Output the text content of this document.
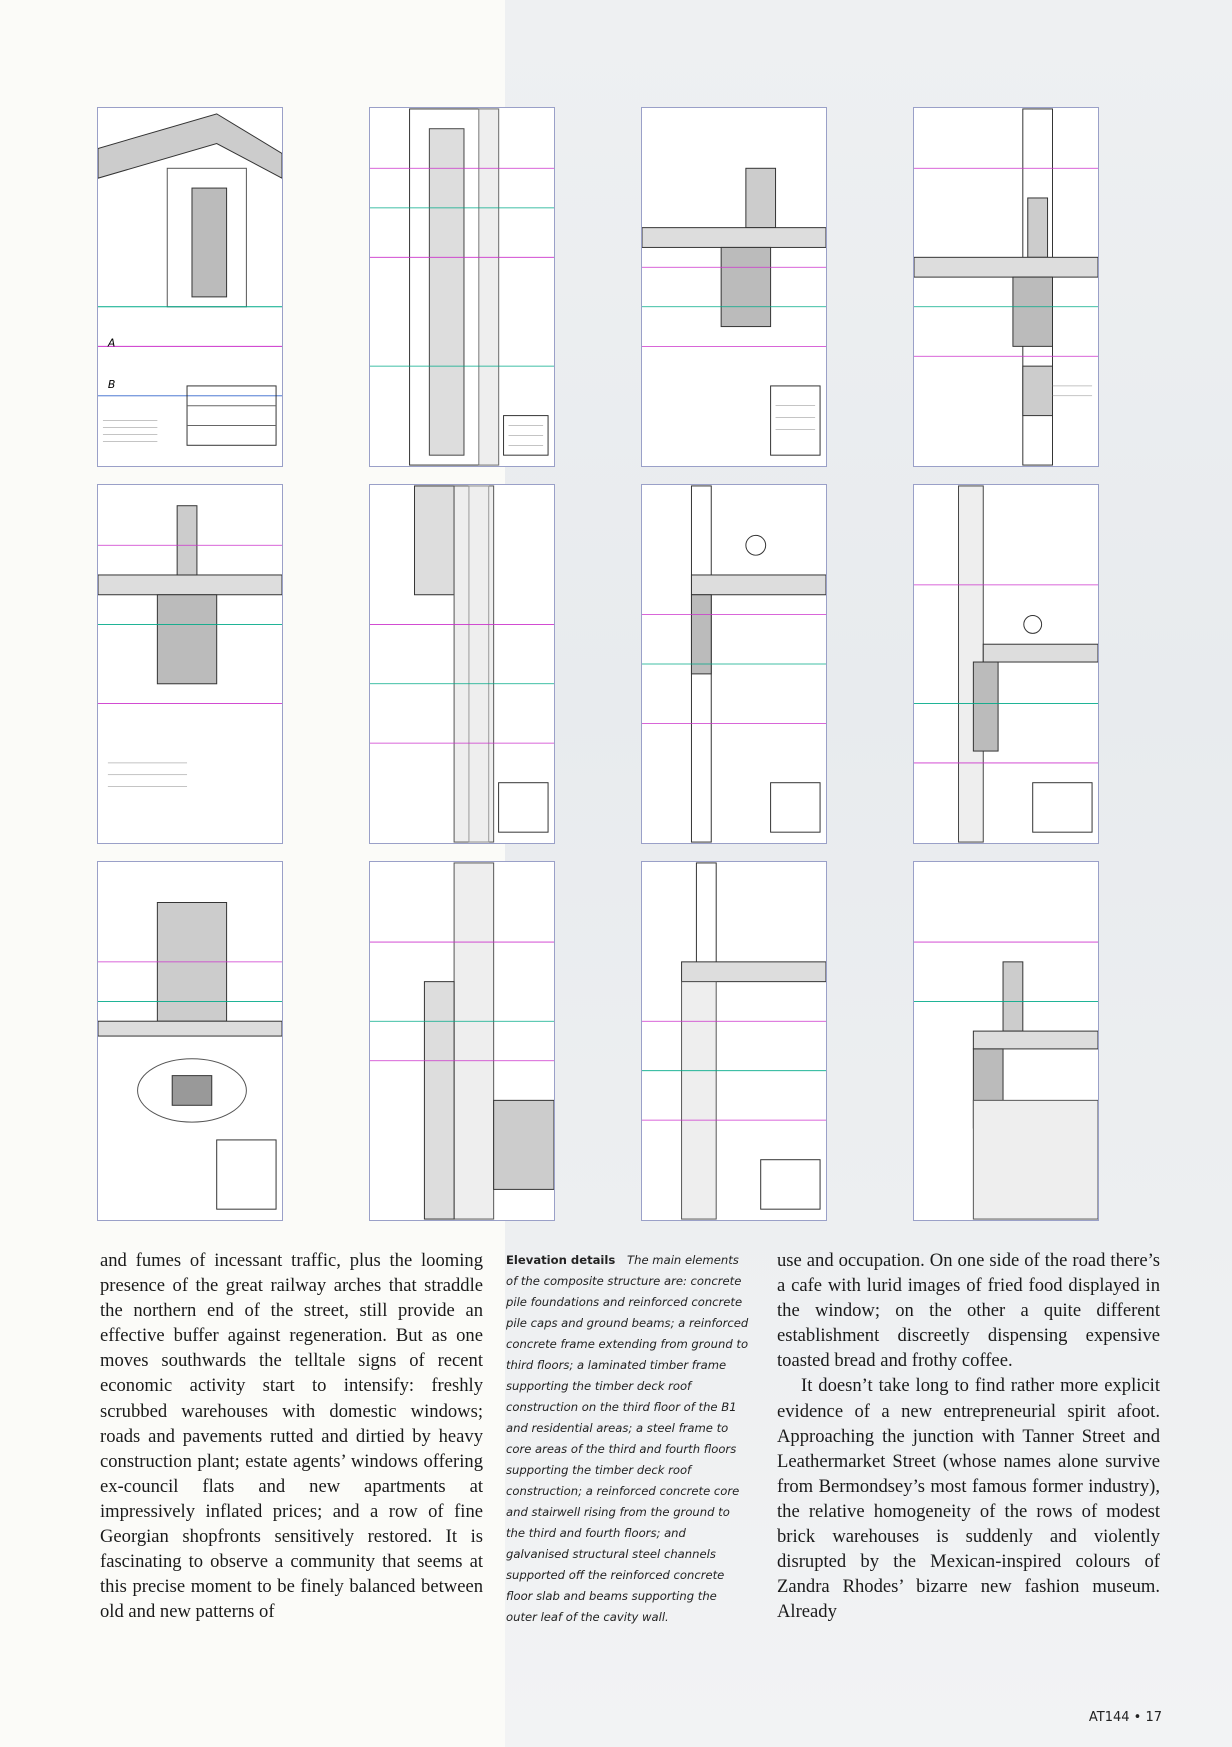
A
B

and fumes of incessant traffic, plus the looming presence of the great railway arches that straddle the northern end of the street, still provide an effective buffer against regeneration. But as one moves southwards the telltale signs of recent economic activity start to intensify: freshly scrubbed warehouses with domestic windows; roads and pavements rutted and dirtied by heavy construction plant; estate agents’ windows offering ex-council flats and new apartments at impressively inflated prices; and a row of fine Georgian shopfronts sensitively restored. It is fascinating to observe a community that seems at this precise moment to be finely balanced between old and new patterns of

Elevation details   The main elements of the composite structure are: concrete pile foundations and reinforced concrete pile caps and ground beams; a reinforced concrete frame extending from ground to third floors; a laminated timber frame supporting the timber deck roof construction on the third floor of the B1 and residential areas; a steel frame to core areas of the third and fourth floors supporting the timber deck roof construction; a reinforced concrete core and stairwell rising from the ground to the third and fourth floors; and galvanised structural steel channels supported off the reinforced concrete floor slab and beams supporting the outer leaf of the cavity wall.

use and occupation. On one side of the road there’s a cafe with lurid images of fried food displayed in the window; on the other a quite different establishment discreetly dispensing expensive toasted bread and frothy coffee.

It doesn’t take long to find rather more explicit evidence of a new entrepreneurial spirit afoot. Approaching the junction with Tanner Street and Leathermarket Street (whose names alone survive from Bermondsey’s most famous former industry), the relative homogeneity of the rows of modest brick warehouses is suddenly and violently disrupted by the Mexican-inspired colours of Zandra Rhodes’ bizarre new fashion museum. Already

AT144 • 17
